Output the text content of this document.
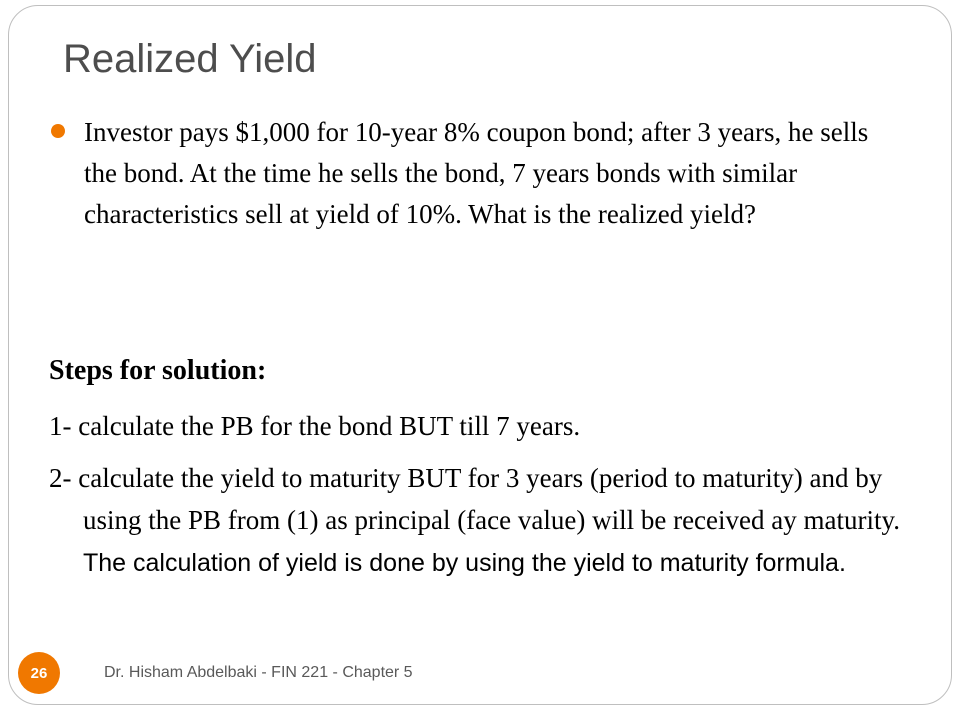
Realized Yield

Investor pays $1,000 for 10-year 8% coupon bond; after 3 years, he sells the bond. At the time he sells the bond, 7 years bonds with similar characteristics sell at yield of 10%. What is the realized yield?

Steps for solution:

1- calculate the PB for the bond BUT till 7 years.

2- calculate the yield to maturity BUT for 3 years (period to maturity) and by using the PB from (1) as principal (face value) will be received ay maturity. The calculation of yield is done by using the yield to maturity formula.

26	Dr. Hisham Abdelbaki - FIN 221 - Chapter 5
